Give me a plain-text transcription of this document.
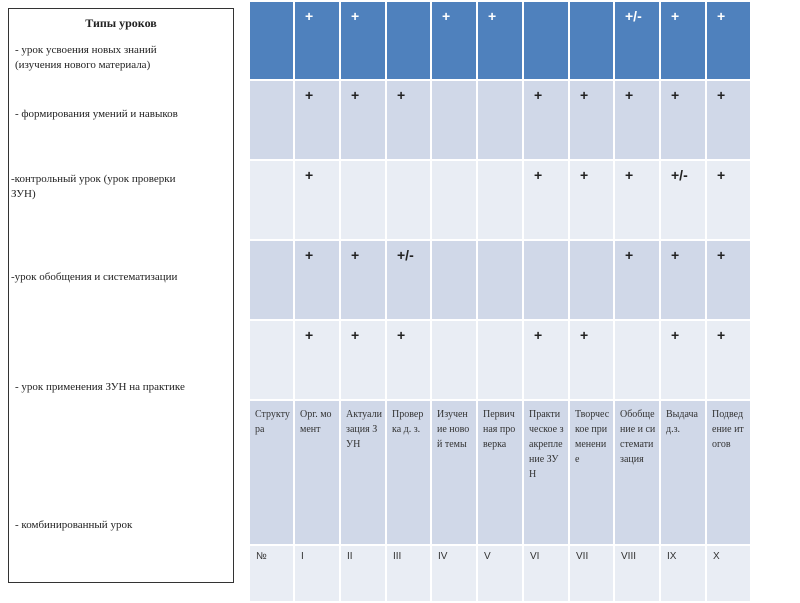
Типы уроков
- урок усвоения новых знаний
(изучения нового материала)
- формирования умений и навыков
-контрольный урок (урок проверки
ЗУН)
-урок обобщения и систематизации
- урок применения ЗУН на практике
- комбинированный урок

	+	+		+	+			+/-	+	+

	+	+	+			+	+	+	+	+

	+					+	+	+	+/-	+

	+	+	+/-					+	+	+

	+	+	+			+	+		+	+

Структура	Орг. момент	Актуализация ЗУН	Проверка д. з.	Изучение новой темы	Первичная проверка	Практическое закрепление ЗУН	Творческое применение	Обобщение и систематизация	Выдача д.з.	Подведение итогов

№	I	II	III	IV	V	VI	VII	VIII	IX	X
